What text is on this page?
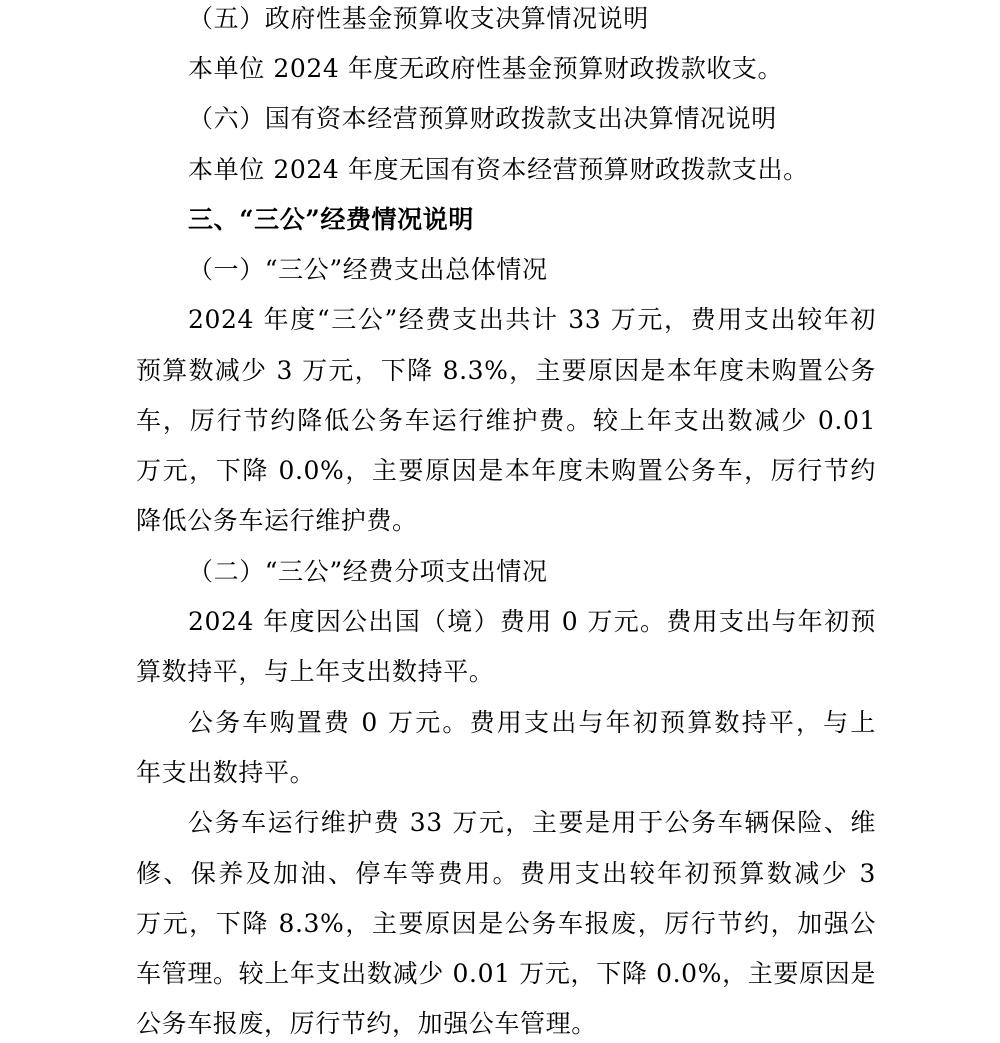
（五）政府性基金预算收支决算情况说明
本单位 2024 年度无政府性基金预算财政拨款收支。
（六）国有资本经营预算财政拨款支出决算情况说明
本单位 2024 年度无国有资本经营预算财政拨款支出。
三、“三公”经费情况说明
（一）“三公”经费支出总体情况
2024 年度“三公”经费支出共计 33 万元，费用支出较年初
预算数减少 3 万元，下降 8.3%，主要原因是本年度未购置公务
车，厉行节约降低公务车运行维护费。较上年支出数减少 0.01
万元，下降 0.0%，主要原因是本年度未购置公务车，厉行节约
降低公务车运行维护费。
（二）“三公”经费分项支出情况
2024 年度因公出国（境）费用 0 万元。费用支出与年初预
算数持平，与上年支出数持平。
公务车购置费 0 万元。费用支出与年初预算数持平，与上
年支出数持平。
公务车运行维护费 33 万元，主要是用于公务车辆保险、维
修、保养及加油、停车等费用。费用支出较年初预算数减少 3
万元，下降 8.3%，主要原因是公务车报废，厉行节约，加强公
车管理。较上年支出数减少 0.01 万元，下降 0.0%，主要原因是
公务车报废，厉行节约，加强公车管理。
